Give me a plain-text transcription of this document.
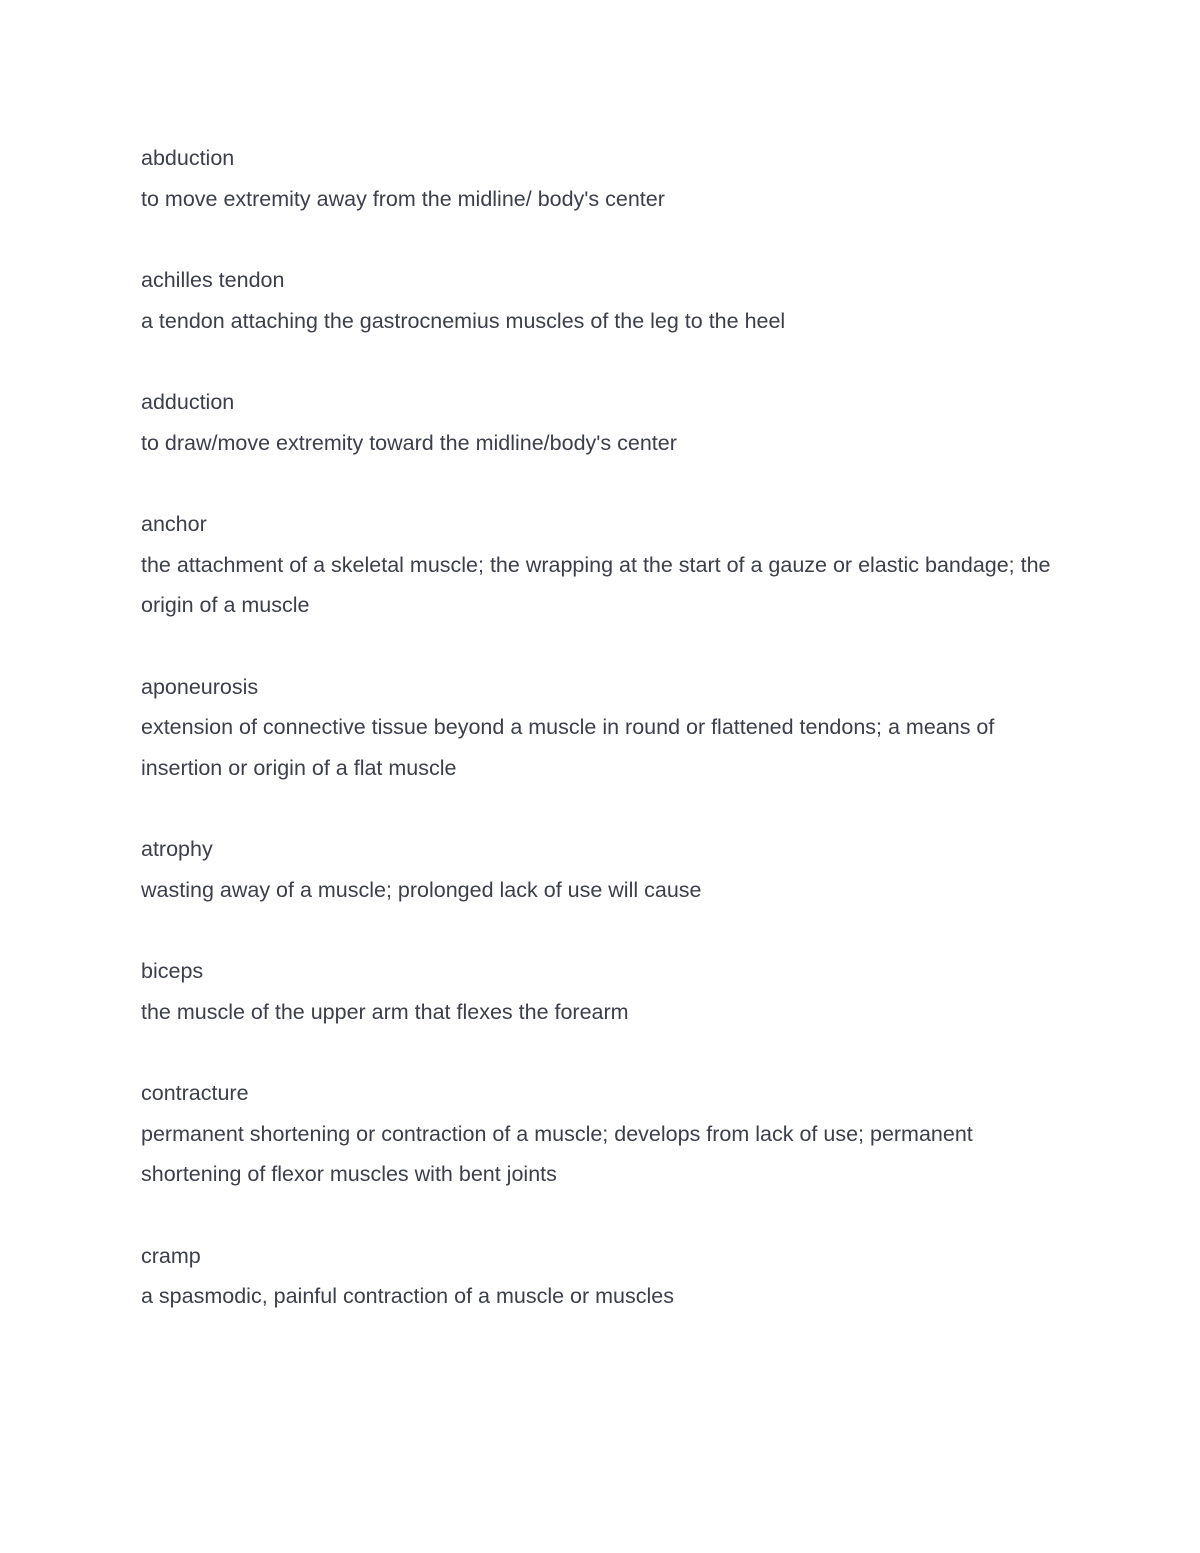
abduction
to move extremity away from the midline/ body's center
achilles tendon
a tendon attaching the gastrocnemius muscles of the leg to the heel
adduction
to draw/move extremity toward the midline/body's center
anchor
the attachment of a skeletal muscle; the wrapping at the start of a gauze or elastic bandage; the origin of a muscle
aponeurosis
extension of connective tissue beyond a muscle in round or flattened tendons; a means of insertion or origin of a flat muscle
atrophy
wasting away of a muscle; prolonged lack of use will cause
biceps
the muscle of the upper arm that flexes the forearm
contracture
permanent shortening or contraction of a muscle; develops from lack of use; permanent shortening of flexor muscles with bent joints
cramp
a spasmodic, painful contraction of a muscle or muscles
